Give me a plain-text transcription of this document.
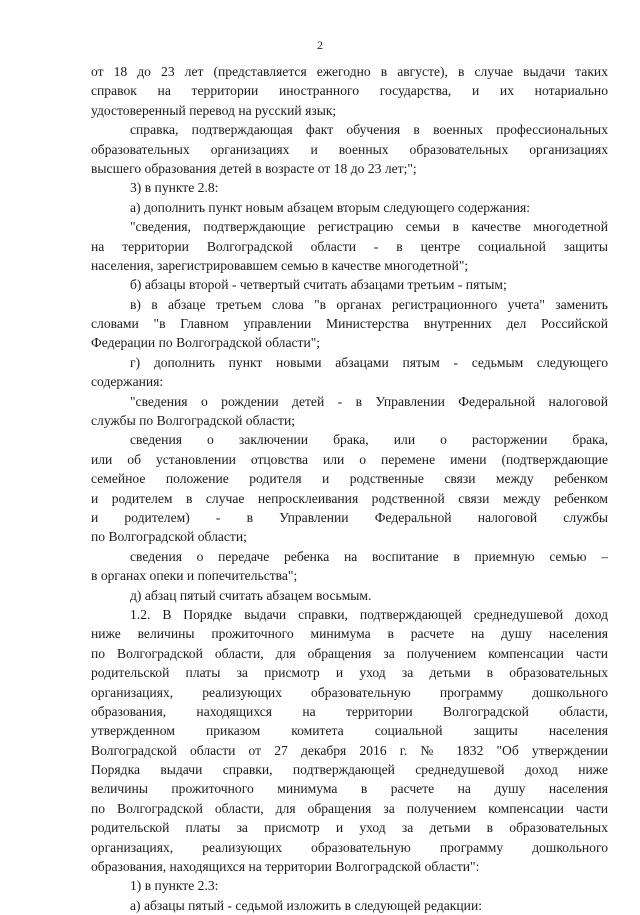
2
от 18 до 23 лет (представляется ежегодно в августе), в случае выдачи таких
справок на территории иностранного государства, и их нотариально
удостоверенный перевод на русский язык;
справка, подтверждающая факт обучения в военных профессиональных
образовательных организациях и военных образовательных организациях
высшего образования детей в возрасте от 18 до 23 лет;";
3) в пункте 2.8:
а) дополнить пункт новым абзацем вторым следующего содержания:
"сведения, подтверждающие регистрацию семьи в качестве многодетной
на территории Волгоградской области - в центре социальной защиты
населения, зарегистрировавшем семью в качестве многодетной";
б) абзацы второй - четвертый считать абзацами третьим - пятым;
в) в абзаце третьем слова "в органах регистрационного учета" заменить
словами "в Главном управлении Министерства внутренних дел Российской
Федерации по Волгоградской области";
г) дополнить пункт новыми абзацами пятым - седьмым следующего
содержания:
"сведения о рождении детей - в Управлении Федеральной налоговой
службы по Волгоградской области;
сведения о заключении брака, или о расторжении брака,
или об установлении отцовства или о перемене имени (подтверждающие
семейное положение родителя и родственные связи между ребенком
и родителем в случае непросклеивания родственной связи между ребенком
и родителем) - в Управлении Федеральной налоговой службы
по Волгоградской области;
сведения о передаче ребенка на воспитание в приемную семью –
в органах опеки и попечительства";
д) абзац пятый считать абзацем восьмым.
1.2. В Порядке выдачи справки, подтверждающей среднедушевой доход
ниже величины прожиточного минимума в расчете на душу населения
по Волгоградской области, для обращения за получением компенсации части
родительской платы за присмотр и уход за детьми в образовательных
организациях, реализующих образовательную программу дошкольного
образования, находящихся на территории Волгоградской области,
утвержденном приказом комитета социальной защиты населения
Волгоградской области от 27 декабря 2016 г. № 1832 "Об утверждении
Порядка выдачи справки, подтверждающей среднедушевой доход ниже
величины прожиточного минимума в расчете на душу населения
по Волгоградской области, для обращения за получением компенсации части
родительской платы за присмотр и уход за детьми в образовательных
организациях, реализующих образовательную программу дошкольного
образования, находящихся на территории Волгоградской области":
1) в пункте 2.3:
а) абзацы пятый - седьмой изложить в следующей редакции:
